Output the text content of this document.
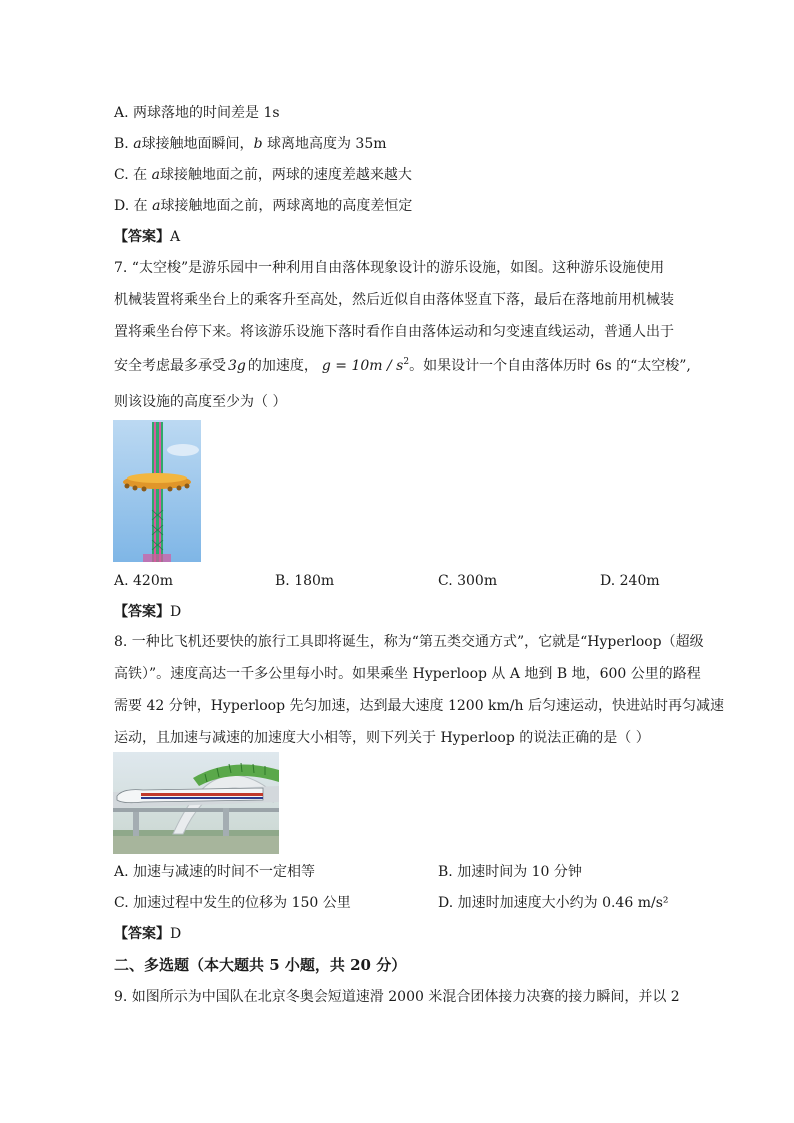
A. 两球落地的时间差是 1s
B. a球接触地面瞬间，b 球离地高度为 35m
C. 在 a球接触地面之前，两球的速度差越来越大
D. 在 a球接触地面之前，两球离地的高度差恒定
【答案】A
7. “太空梭”是游乐园中一种利用自由落体现象设计的游乐设施，如图。这种游乐设施使用
机械装置将乘坐台上的乘客升至高处，然后近似自由落体竖直下落，最后在落地前用机械装
置将乘坐台停下来。将该游乐设施下落时看作自由落体运动和匀变速直线运动，普通人出于
安全考虑最多承受 3g 的加速度， $g = 10m / s^2$。如果设计一个自由落体历时 6s 的“太空梭”,
则该设施的高度至少为（ ）
A. 420m	B. 180m	C. 300m	D. 240m
【答案】D
8. 一种比飞机还要快的旅行工具即将诞生，称为“第五类交通方式”，它就是“Hyperloop（超级
高铁）”。速度高达一千多公里每小时。如果乘坐 Hyperloop 从 A 地到 B 地，600 公里的路程
需要 42 分钟，Hyperloop 先匀加速，达到最大速度 1200 km/h 后匀速运动，快进站时再匀减速
运动，且加速与减速的加速度大小相等，则下列关于 Hyperloop 的说法正确的是（ ）
A. 加速与减速的时间不一定相等	B. 加速时间为 10 分钟
C. 加速过程中发生的位移为 150 公里	D. 加速时加速度大小约为 0.46 m/s²
【答案】D
二、多选题（本大题共 5 小题，共 20 分）
9. 如图所示为中国队在北京冬奥会短道速滑 2000 米混合团体接力决赛的接力瞬间，并以 2
